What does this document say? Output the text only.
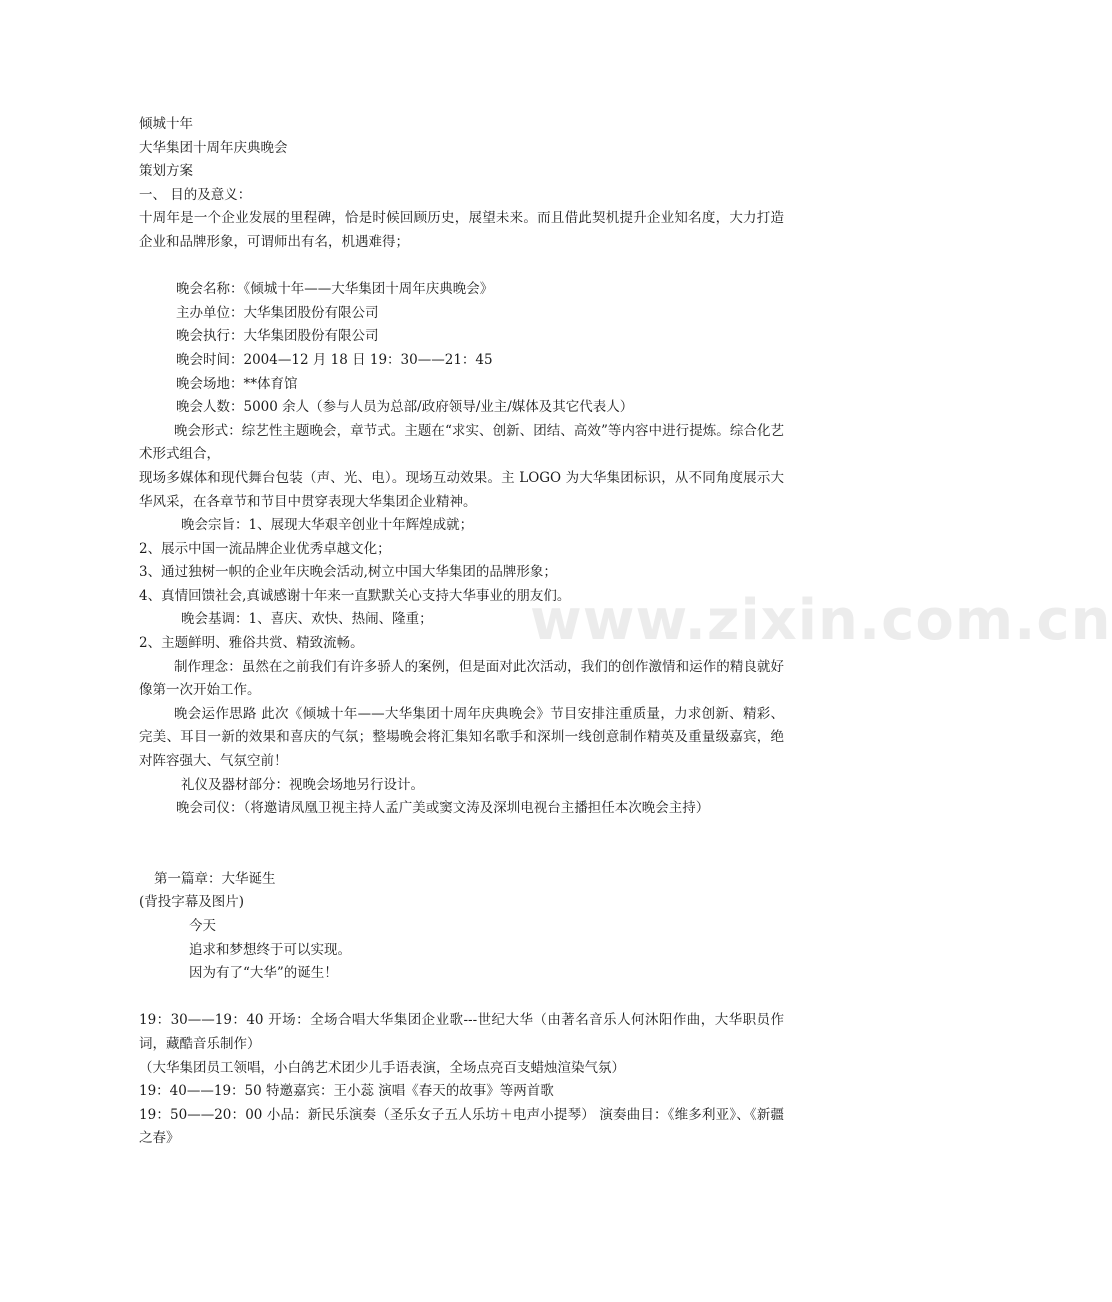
倾城十年
大华集团十周年庆典晚会
策划方案
一、 目的及意义：
十周年是一个企业发展的里程碑，恰是时候回顾历史，展望未来。而且借此契机提升企业知名度，大力打造企业和品牌形象，可谓师出有名，机遇难得；
晚会名称：《倾城十年——大华集团十周年庆典晚会》
主办单位：大华集团股份有限公司
晚会执行：大华集团股份有限公司
晚会时间：2004—12 月 18 日 19：30——21：45
晚会场地：**体育馆
晚会人数：5000 余人（参与人员为总部/政府领导/业主/媒体及其它代表人）
晚会形式：综艺性主题晚会，章节式。主题在“求实、创新、团结、高效”等内容中进行提炼。综合化艺术形式组合，
现场多媒体和现代舞台包装（声、光、电）。现场互动效果。主 LOGO 为大华集团标识，从不同角度展示大华风采，在各章节和节目中贯穿表现大华集团企业精神。
晚会宗旨：1、展现大华艰辛创业十年辉煌成就；
2、展示中国一流品牌企业优秀卓越文化；
3、通过独树一帜的企业年庆晚会活动,树立中国大华集团的品牌形象；
4、真情回馈社会,真诚感谢十年来一直默默关心支持大华事业的朋友们。
晚会基调：1、喜庆、欢快、热闹、隆重；
2、主题鲜明、雅俗共赏、精致流畅。
制作理念：虽然在之前我们有许多骄人的案例，但是面对此次活动，我们的创作激情和运作的精良就好像第一次开始工作。
晚会运作思路 此次《倾城十年——大华集团十周年庆典晚会》节目安排注重质量，力求创新、精彩、完美、耳目一新的效果和喜庆的气氛；整場晚会将汇集知名歌手和深圳一线创意制作精英及重量级嘉宾，绝对阵容强大、气氛空前！
礼仪及器材部分：视晚会场地另行设计。
晚会司仪：（将邀请凤凰卫视主持人孟广美或窦文涛及深圳电视台主播担任本次晚会主持）
第一篇章：大华诞生
(背投字幕及图片)
今天
追求和梦想终于可以实现。
因为有了“大华”的诞生！
19：30——19：40 开场：全场合唱大华集团企业歌---世纪大华（由著名音乐人何沐阳作曲，大华职员作词，藏酷音乐制作）
（大华集团员工领唱，小白鸽艺术团少儿手语表演，全场点亮百支蜡烛渲染气氛）
19：40——19：50 特邀嘉宾：王小蕊 演唱《春天的故事》等两首歌
19：50——20：00 小品：新民乐演奏（圣乐女子五人乐坊＋电声小提琴） 演奏曲目：《维多利亚》、《新疆之春》
www.zixin.com.cn
